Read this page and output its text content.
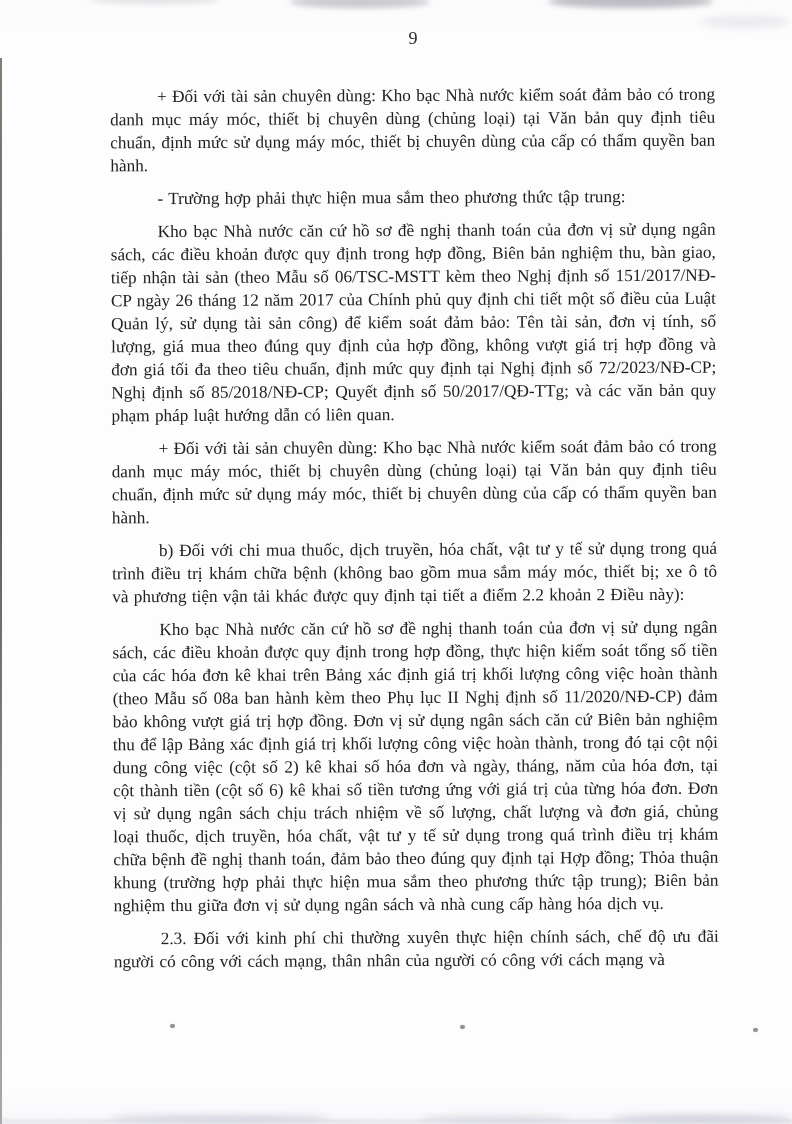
9

+ Đối với tài sản chuyên dùng: Kho bạc Nhà nước kiểm soát đảm bảo có trong danh mục máy móc, thiết bị chuyên dùng (chủng loại) tại Văn bản quy định tiêu chuẩn, định mức sử dụng máy móc, thiết bị chuyên dùng của cấp có thẩm quyền ban hành.

- Trường hợp phải thực hiện mua sắm theo phương thức tập trung:

Kho bạc Nhà nước căn cứ hồ sơ đề nghị thanh toán của đơn vị sử dụng ngân sách, các điều khoản được quy định trong hợp đồng, Biên bản nghiệm thu, bàn giao, tiếp nhận tài sản (theo Mẫu số 06/TSC-MSTT kèm theo Nghị định số 151/2017/NĐ-CP ngày 26 tháng 12 năm 2017 của Chính phủ quy định chi tiết một số điều của Luật Quản lý, sử dụng tài sản công) để kiểm soát đảm bảo: Tên tài sản, đơn vị tính, số lượng, giá mua theo đúng quy định của hợp đồng, không vượt giá trị hợp đồng và đơn giá tối đa theo tiêu chuẩn, định mức quy định tại Nghị định số 72/2023/NĐ-CP; Nghị định số 85/2018/NĐ-CP; Quyết định số 50/2017/QĐ-TTg; và các văn bản quy phạm pháp luật hướng dẫn có liên quan.

+ Đối với tài sản chuyên dùng: Kho bạc Nhà nước kiểm soát đảm bảo có trong danh mục máy móc, thiết bị chuyên dùng (chủng loại) tại Văn bản quy định tiêu chuẩn, định mức sử dụng máy móc, thiết bị chuyên dùng của cấp có thẩm quyền ban hành.

b) Đối với chi mua thuốc, dịch truyền, hóa chất, vật tư y tế sử dụng trong quá trình điều trị khám chữa bệnh (không bao gồm mua sắm máy móc, thiết bị; xe ô tô và phương tiện vận tải khác được quy định tại tiết a điểm 2.2 khoản 2 Điều này):

Kho bạc Nhà nước căn cứ hồ sơ đề nghị thanh toán của đơn vị sử dụng ngân sách, các điều khoản được quy định trong hợp đồng, thực hiện kiểm soát tổng số tiền của các hóa đơn kê khai trên Bảng xác định giá trị khối lượng công việc hoàn thành (theo Mẫu số 08a ban hành kèm theo Phụ lục II Nghị định số 11/2020/NĐ-CP) đảm bảo không vượt giá trị hợp đồng. Đơn vị sử dụng ngân sách căn cứ Biên bản nghiệm thu để lập Bảng xác định giá trị khối lượng công việc hoàn thành, trong đó tại cột nội dung công việc (cột số 2) kê khai số hóa đơn và ngày, tháng, năm của hóa đơn, tại cột thành tiền (cột số 6) kê khai số tiền tương ứng với giá trị của từng hóa đơn. Đơn vị sử dụng ngân sách chịu trách nhiệm về số lượng, chất lượng và đơn giá, chủng loại thuốc, dịch truyền, hóa chất, vật tư y tế sử dụng trong quá trình điều trị khám chữa bệnh đề nghị thanh toán, đảm bảo theo đúng quy định tại Hợp đồng; Thỏa thuận khung (trường hợp phải thực hiện mua sắm theo phương thức tập trung); Biên bản nghiệm thu giữa đơn vị sử dụng ngân sách và nhà cung cấp hàng hóa dịch vụ.

2.3. Đối với kinh phí chi thường xuyên thực hiện chính sách, chế độ ưu đãi người có công với cách mạng, thân nhân của người có công với cách mạng và
